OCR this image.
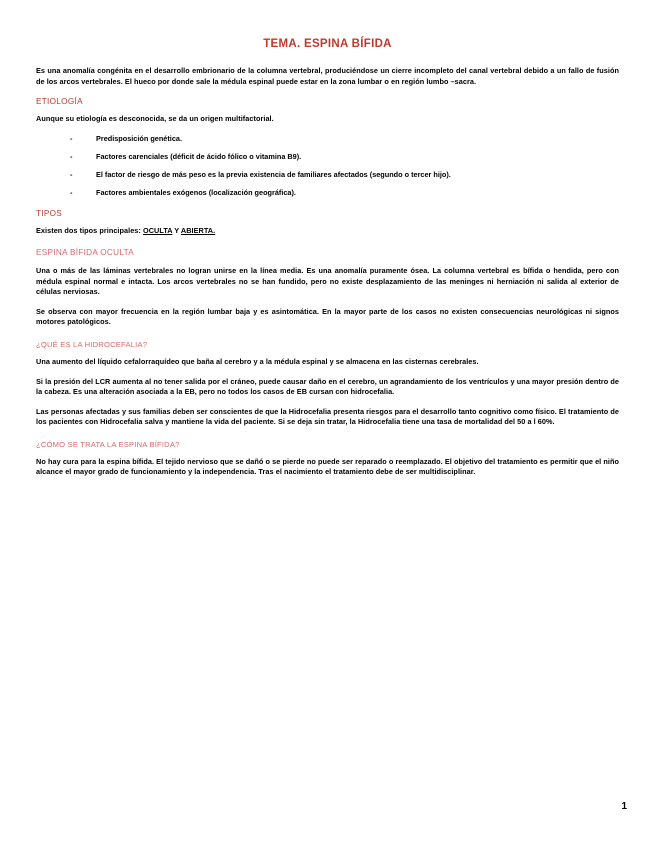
TEMA. ESPINA BÍFIDA

Es una anomalía congénita en el desarrollo embrionario de la columna vertebral, produciéndose un cierre incompleto del canal vertebral debido a un fallo de fusión de los arcos vertebrales. El hueco por donde sale la médula espinal puede estar en la zona lumbar o en región lumbo –sacra.

ETIOLOGÍA

Aunque su etiología es desconocida, se da un origen multifactorial.

- Predisposición genética.
- Factores carenciales (déficit de ácido fólico o vitamina B9).
- El factor de riesgo de más peso es la previa existencia de familiares afectados (segundo o tercer hijo).
- Factores ambientales exógenos (localización geográfica).
TIPOS

Existen dos tipos principales: OCULTA Y ABIERTA.

ESPINA BÍFIDA OCULTA

Una o más de las láminas vertebrales no logran unirse en la línea media. Es una anomalía puramente ósea. La columna vertebral es bífida o hendida, pero con médula espinal normal e intacta. Los arcos vertebrales no se han fundido, pero no existe desplazamiento de las meninges ni herniación ni salida al exterior de células nerviosas.

Se observa con mayor frecuencia en la región lumbar baja y es asintomática. En la mayor parte de los casos no existen consecuencias neurológicas ni signos motores patológicos.

¿QUÉ ES LA HIDROCEFALIA?

Una aumento del líquido cefalorraquídeo que baña al cerebro y a la médula espinal y se almacena en las cisternas cerebrales.

Si la presión del LCR aumenta al no tener salida por el cráneo, puede causar daño en el cerebro, un agrandamiento de los ventrículos y una mayor presión dentro de la cabeza. Es una alteración asociada a la EB, pero no todos los casos de EB cursan con hidrocefalia.

Las personas afectadas y sus familias deben ser conscientes de que la Hidrocefalia presenta riesgos para el desarrollo tanto cognitivo como físico. El tratamiento de los pacientes con Hidrocefalia salva y mantiene la vida del paciente. Si se deja sin tratar, la Hidrocefalia tiene una tasa de mortalidad del 50 a l 60%.

¿CÓMO SE TRATA LA ESPINA BÍFIDA?

No hay cura para la espina bífida. El tejido nervioso que se dañó o se pierde no puede ser reparado o reemplazado. El objetivo del tratamiento es permitir que el niño alcance el mayor grado de funcionamiento y la independencia. Tras el nacimiento el tratamiento debe de ser multidisciplinar.

1
